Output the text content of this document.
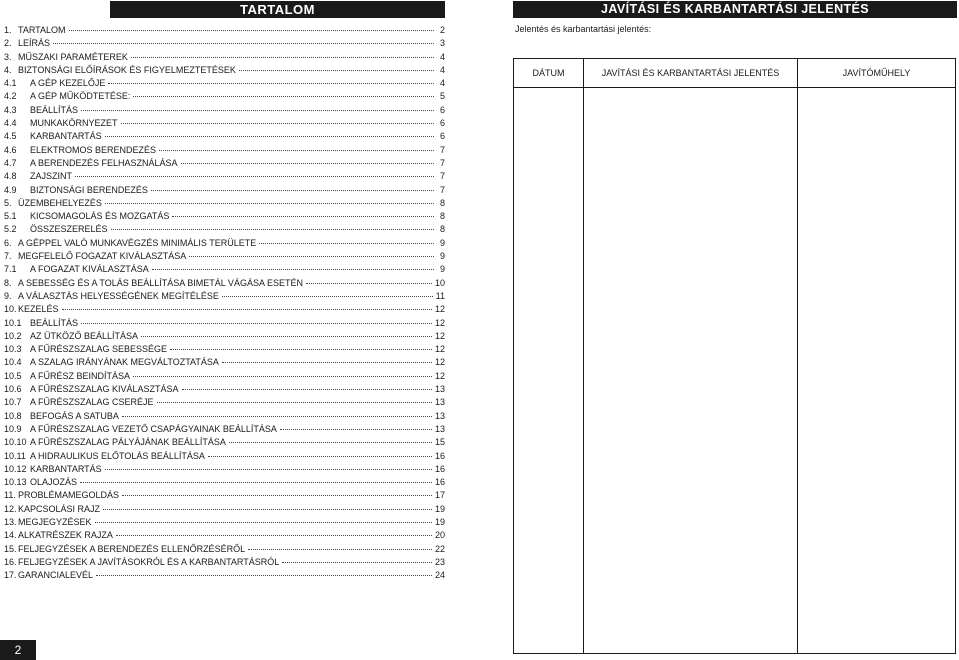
TARTALOM
1. TARTALOM	2
2. LEÍRÁS	3
3. MŰSZAKI PARAMÉTEREK	4
4. BIZTONSÁGI ELŐÍRÁSOK ÉS FIGYELMEZTETÉSEK	4
4.1	A GÉP KEZELŐJE	4
4.2	A GÉP MŰKÖDTETÉSE:	5
4.3	BEÁLLÍTÁS	6
4.4	MUNKAKÖRNYEZET	6
4.5	KARBANTARTÁS	6
4.6	ELEKTROMOS BERENDEZÉS	7
4.7	A BERENDEZÉS FELHASZNÁLÁSA	7
4.8	ZAJSZINT	7
4.9	BIZTONSÁGI BERENDEZÉS	7
5. ÜZEMBEHELYEZÉS	8
5.1	KICSOMAGOLÁS ÉS MOZGATÁS	8
5.2	ÖSSZESZERELÉS	8
6. A GÉPPEL VALÓ MUNKAVÉGZÉS MINIMÁLIS TERÜLETE	9
7. MEGFELELŐ FOGAZAT KIVÁLASZTÁSA	9
7.1	A FOGAZAT KIVÁLASZTÁSA	9
8. A SEBESSÉG ÉS A TOLÁS BEÁLLÍTÁSA BIMETÁL VÁGÁSA ESETÉN	10
9. A VÁLASZTÁS HELYESSÉGÉNEK MEGÍTÉLÉSE	11
10. KEZELÉS	12
10.1 BEÁLLÍTÁS	12
10.2 AZ ÜTKÖZŐ BEÁLLÍTÁSA	12
10.3 A FŰRÉSZSZALAG SEBESSÉGE	12
10.4 A SZALAG IRÁNYÁNAK MEGVÁLTOZTATÁSA	12
10.5 A FŰRÉSZ BEINDÍTÁSA	12
10.6 A FŰRÉSZSZALAG KIVÁLASZTÁSA	13
10.7 A FŰRÉSZSZALAG CSERÉJE	13
10.8 BEFOGÁS A SATUBA	13
10.9 A FŰRÉSZSZALAG VEZETŐ CSAPÁGYAINAK BEÁLLÍTÁSA	13
10.10 A FŰRÉSZSZALAG PÁLYÁJÁNAK BEÁLLÍTÁSA	15
10.11 A HIDRAULIKUS ELŐTOLÁS BEÁLLÍTÁSA	16
10.12 KARBANTARTÁS	16
10.13 OLAJOZÁS	16
11. PROBLÉMAMEGOLDÁS	17
12. KAPCSOLÁSI RAJZ	19
13. MEGJEGYZÉSEK	19
14. ALKATRÉSZEK RAJZA	20
15. FELJEGYZÉSEK A BERENDEZÉS ELLENŐRZÉSÉRŐL	22
16. FELJEGYZÉSEK A JAVÍTÁSOKRÓL ÉS A KARBANTARTÁSRÓL	23
17. GARANCIALEVÉL	24
JAVÍTÁSI ÉS KARBANTARTÁSI JELENTÉS
Jelentés és karbantartási jelentés:
DÁTUM	JAVÍTÁSI ÉS KARBANTARTÁSI JELENTÉS	JAVÍTÓMŰHELY
2
